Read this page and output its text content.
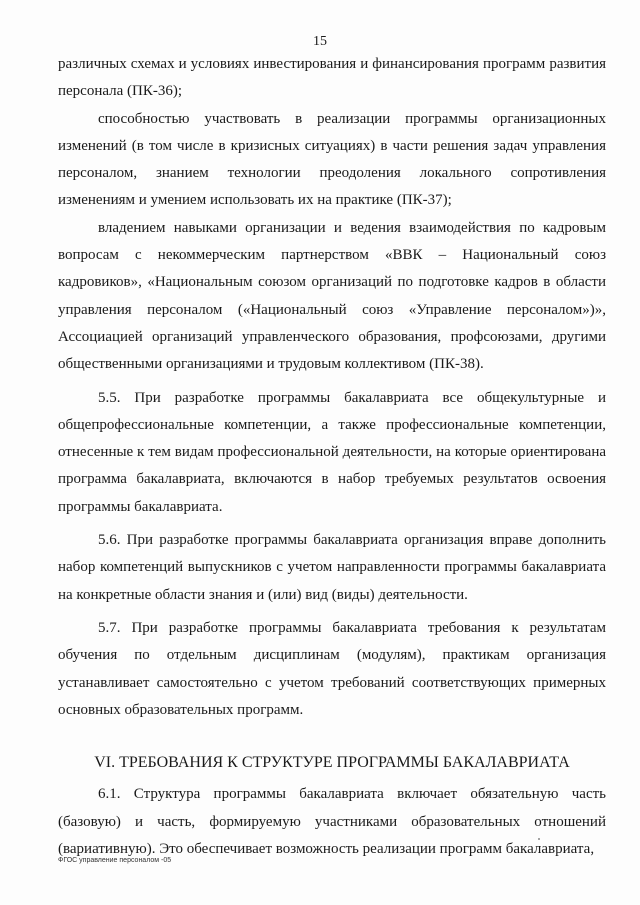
15

различных схемах и условиях инвестирования и финансирования программ развития персонала (ПК-36);

способностью участвовать в реализации программы организационных изменений (в том числе в кризисных ситуациях) в части решения задач управления персоналом, знанием технологии преодоления локального сопротивления изменениям и умением использовать их на практике (ПК-37);

владением навыками организации и ведения взаимодействия по кадровым вопросам с некоммерческим партнерством «ВВК – Национальный союз кадровиков», «Национальным союзом организаций по подготовке кадров в области управления персоналом («Национальный союз «Управление персоналом»)», Ассоциацией организаций управленческого образования, профсоюзами, другими общественными организациями и трудовым коллективом (ПК-38).

5.5. При разработке программы бакалавриата все общекультурные и общепрофессиональные компетенции, а также профессиональные компетенции, отнесенные к тем видам профессиональной деятельности, на которые ориентирована программа бакалавриата, включаются в набор требуемых результатов освоения программы бакалавриата.

5.6. При разработке программы бакалавриата организация вправе дополнить набор компетенций выпускников с учетом направленности программы бакалавриата на конкретные области знания и (или) вид (виды) деятельности.

5.7. При разработке программы бакалавриата требования к результатам обучения по отдельным дисциплинам (модулям), практикам организация устанавливает самостоятельно с учетом требований соответствующих примерных основных образовательных программ.

VI. ТРЕБОВАНИЯ К СТРУКТУРЕ ПРОГРАММЫ БАКАЛАВРИАТА

6.1. Структура программы бакалавриата включает обязательную часть (базовую) и часть, формируемую участниками образовательных отношений (вариативную). Это обеспечивает возможность реализации программ бакалавриата,

ФГОС управление персоналом -05
